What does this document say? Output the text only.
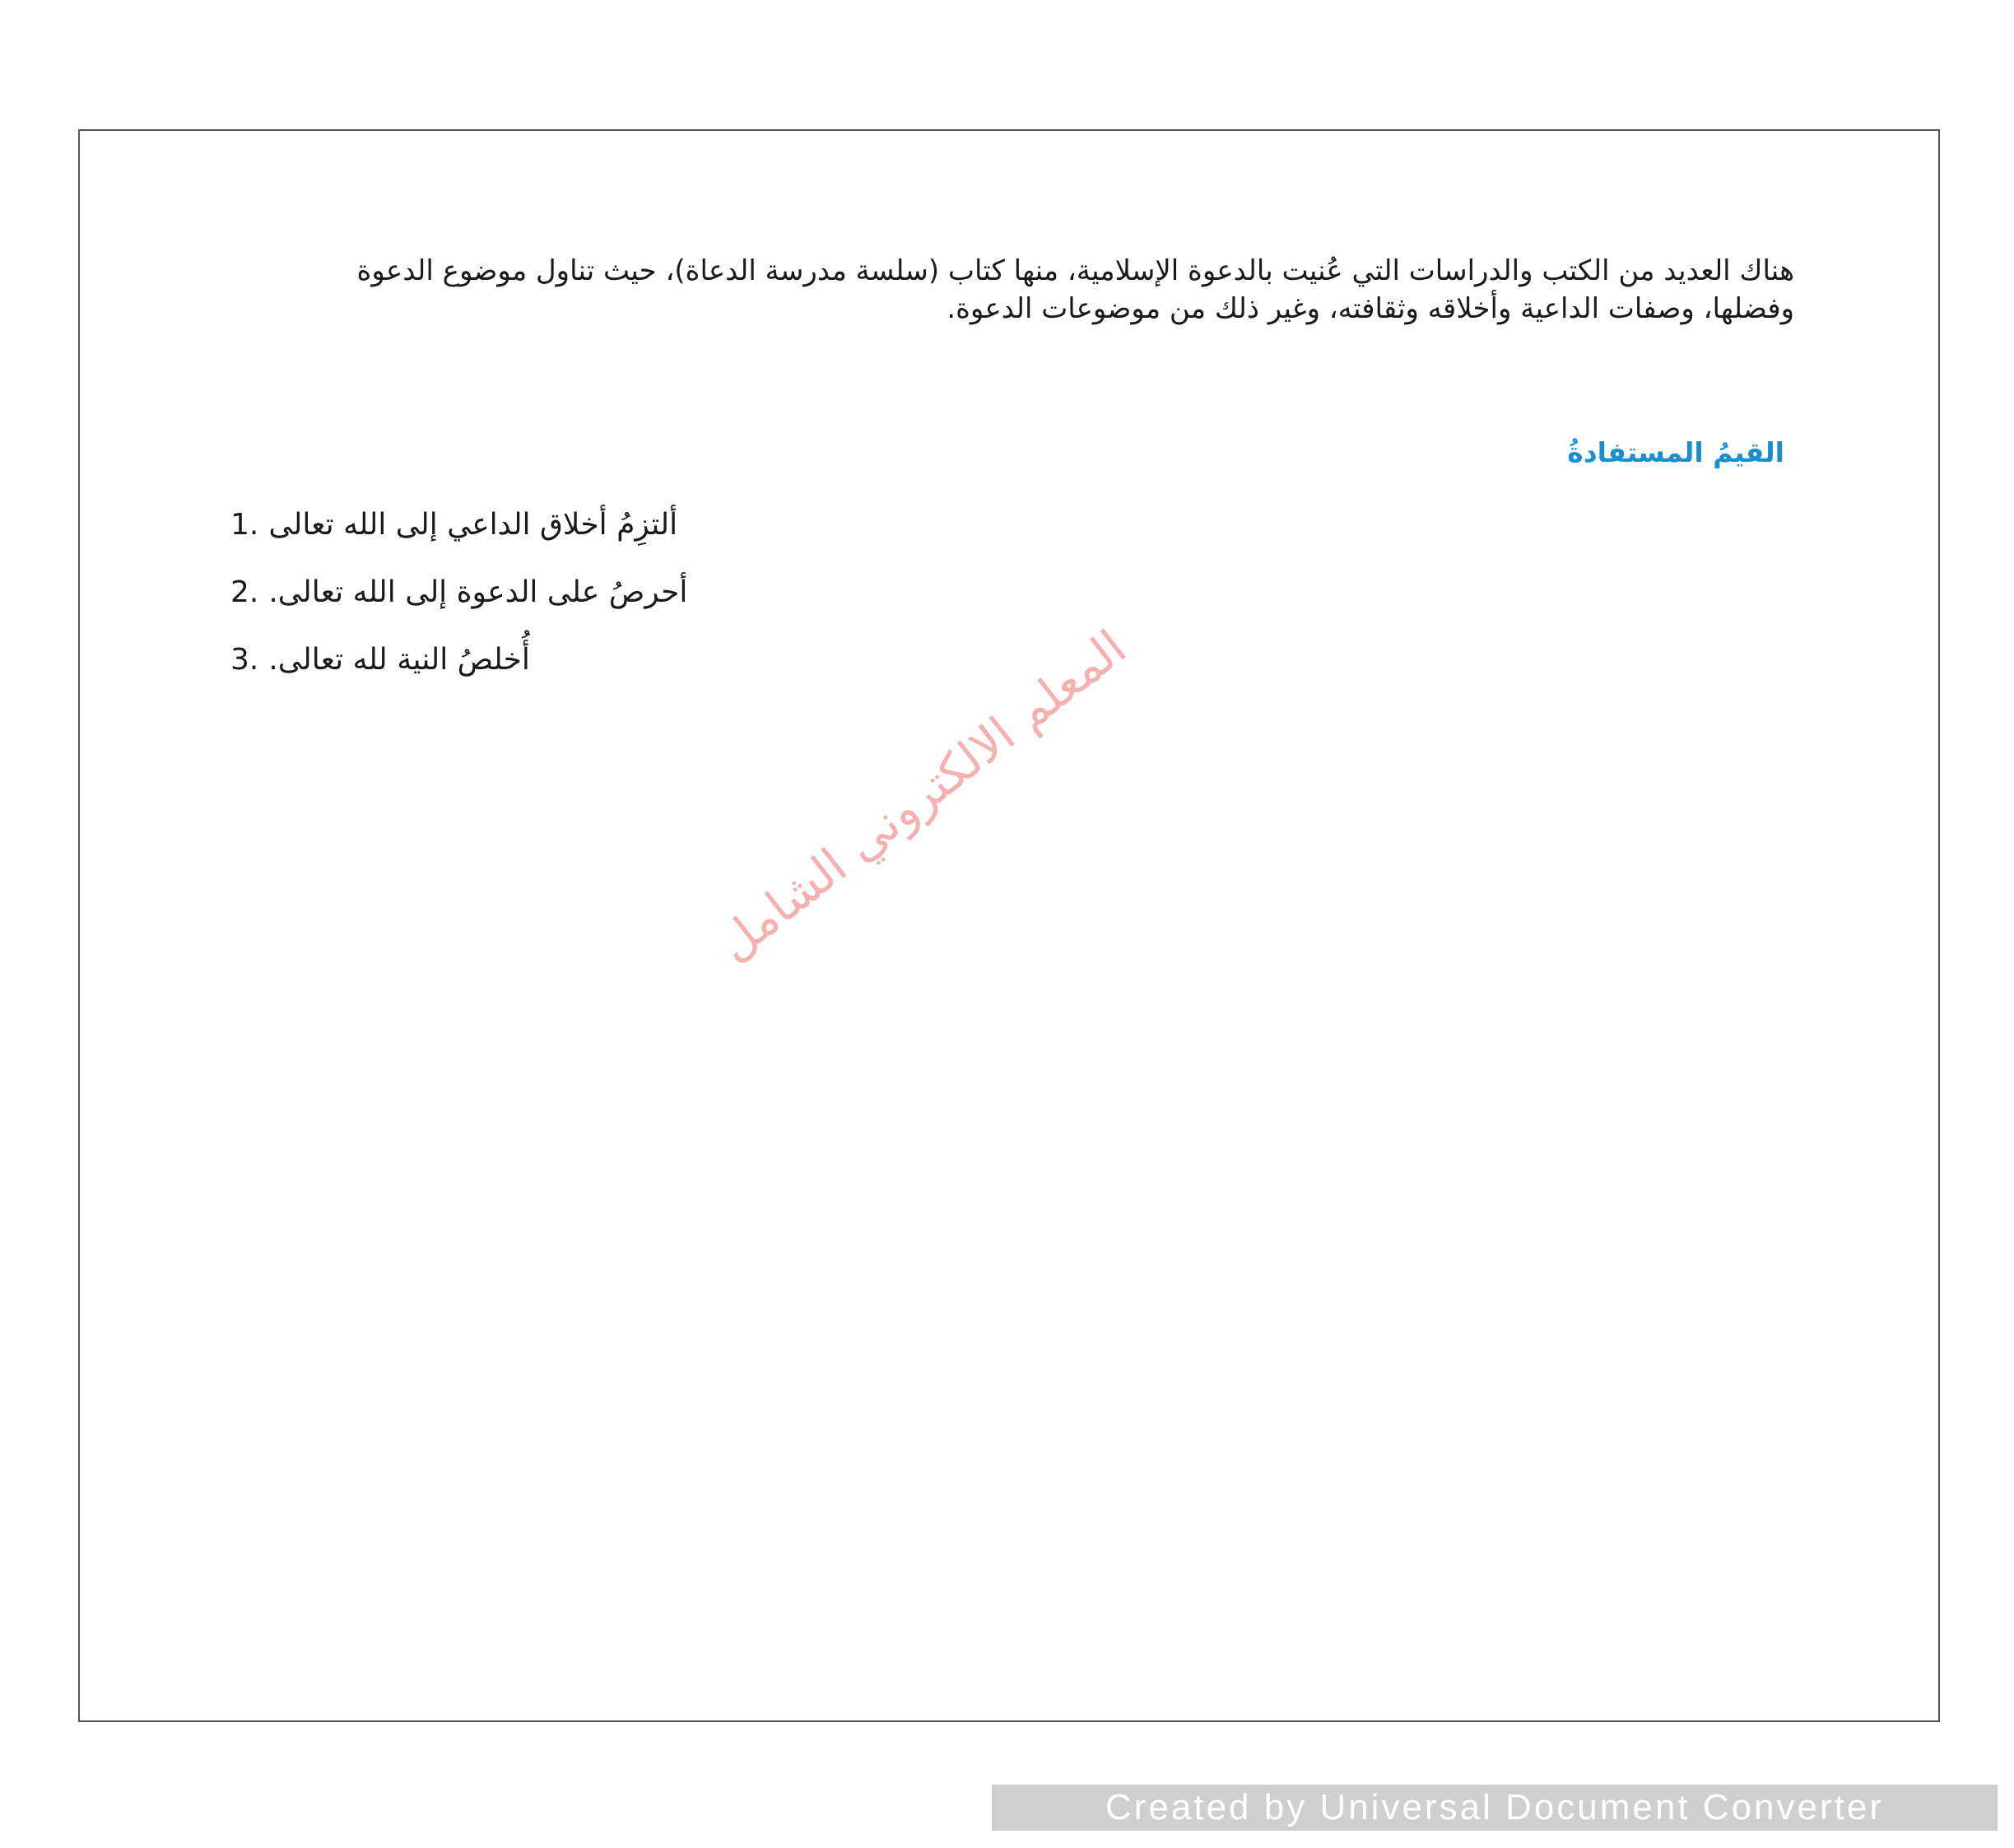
هناك العديد من الكتب والدراسات التي عُنيت بالدعوة الإسلامية، منها كتاب (سلسة مدرسة الدعاة)، حيث تناول موضوع الدعوة وفضلها، وصفات الداعية وأخلاقه وثقافته، وغير ذلك من موضوعات الدعوة.

القيمُ المستفادةُ
1. ألتزِمُ أخلاق الداعي إلى الله تعالى
2. أحرصُ على الدعوة إلى الله تعالى.
3. أُخلصُ النية لله تعالى.	المعلم الالكتروني الشامل
Created by Universal Document Converter
